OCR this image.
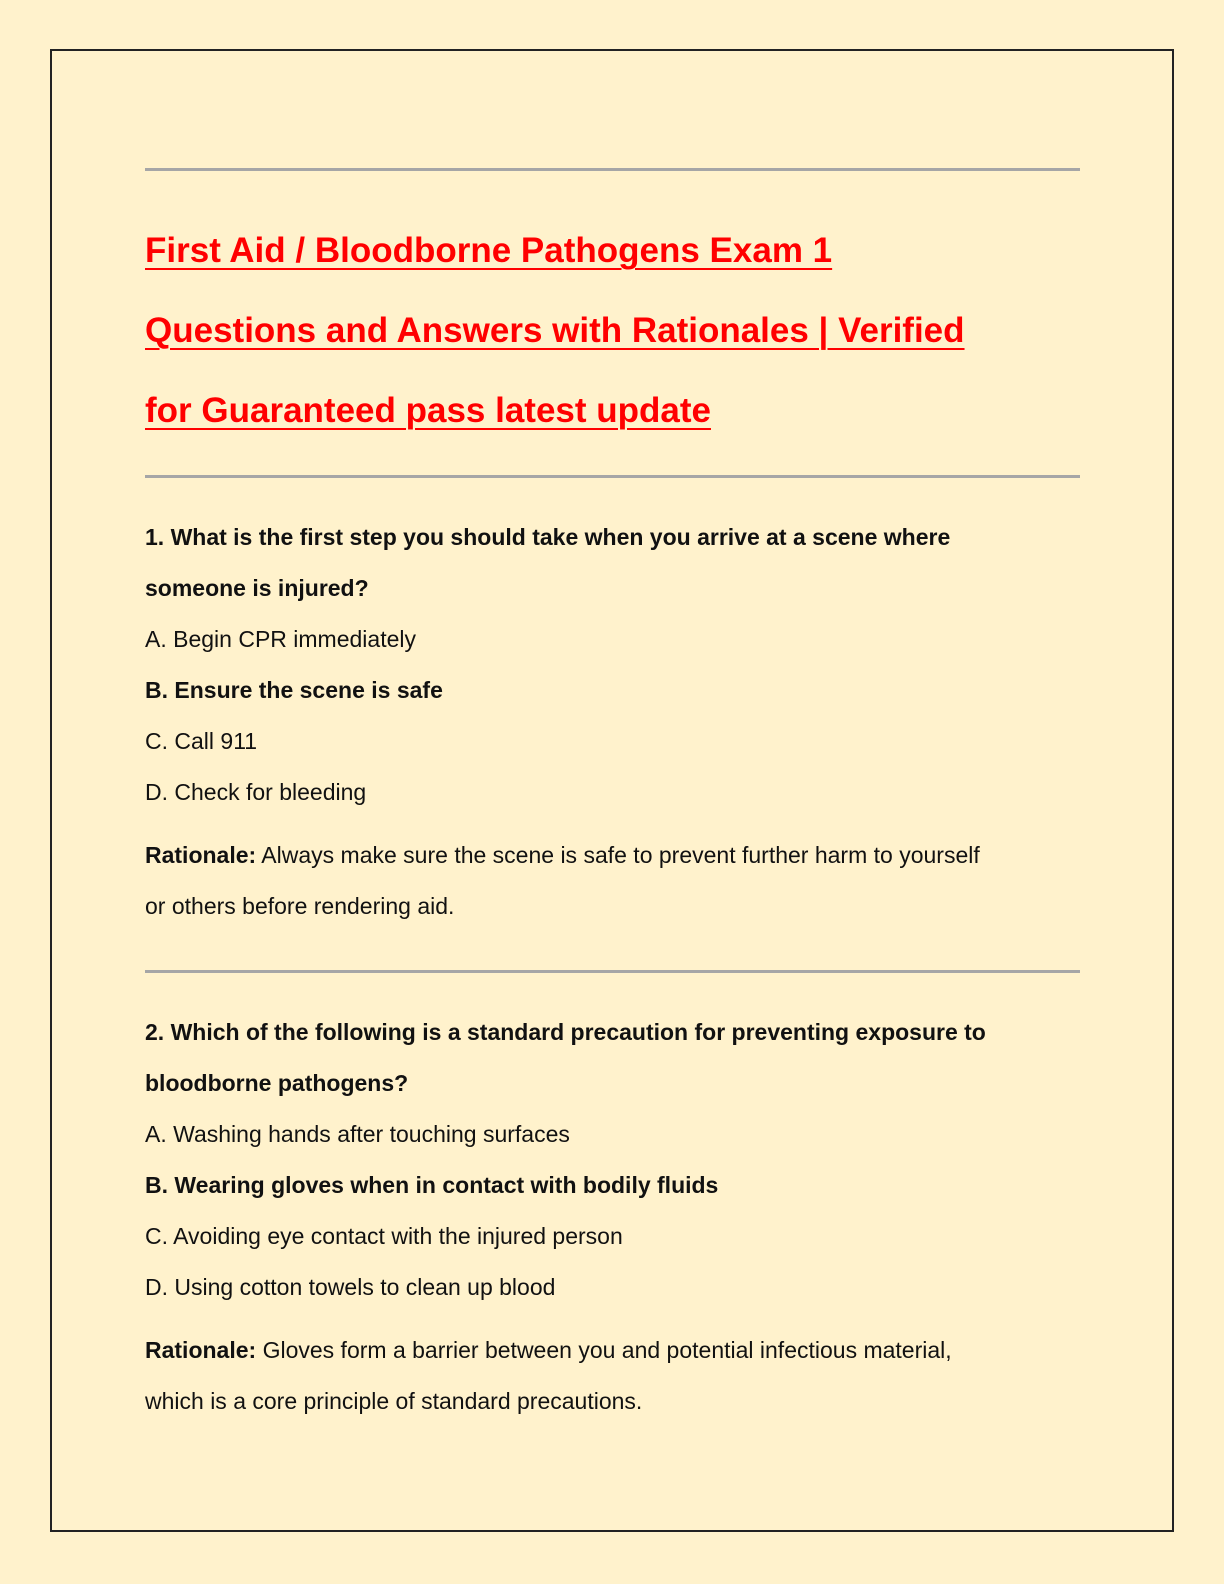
First Aid / Bloodborne Pathogens Exam 1
Questions and Answers with Rationales | Verified
for Guaranteed pass latest update

1. What is the first step you should take when you arrive at a scene where
someone is injured?

A. Begin CPR immediately

B. Ensure the scene is safe

C. Call 911

D. Check for bleeding

Rationale: Always make sure the scene is safe to prevent further harm to yourself
or others before rendering aid.

2. Which of the following is a standard precaution for preventing exposure to
bloodborne pathogens?

A. Washing hands after touching surfaces

B. Wearing gloves when in contact with bodily fluids

C. Avoiding eye contact with the injured person

D. Using cotton towels to clean up blood

Rationale: Gloves form a barrier between you and potential infectious material,
which is a core principle of standard precautions.
